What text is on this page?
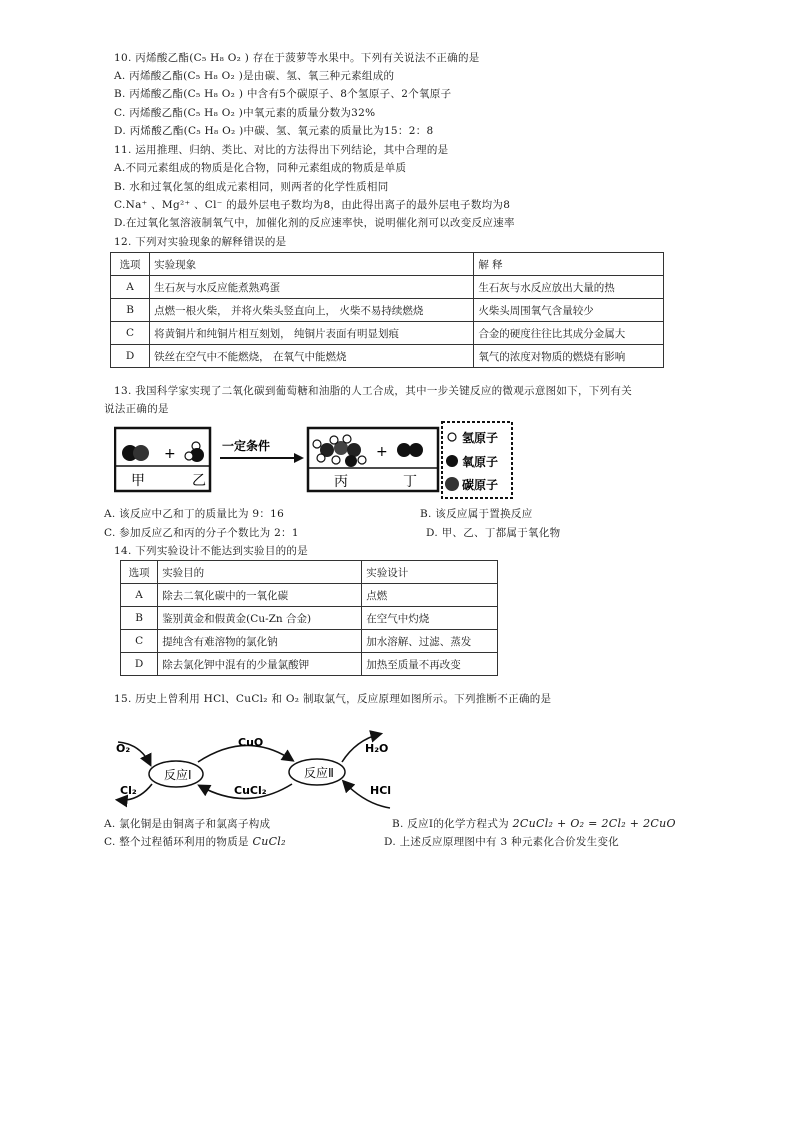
10. 丙烯酸乙酯(C₅ H₈ O₂ ) 存在于菠萝等水果中。下列有关说法不正确的是
A. 丙烯酸乙酯(C₅ H₈ O₂ )是由碳、氢、氧三种元素组成的
B. 丙烯酸乙酯(C₅ H₈ O₂ ) 中含有5个碳原子、8个氢原子、2个氧原子
C. 丙烯酸乙酯(C₅ H₈ O₂ )中氧元素的质量分数为32%
D. 丙烯酸乙酯(C₅ H₈ O₂ )中碳、氢、氧元素的质量比为15：2：8
11. 运用推理、归纳、类比、对比的方法得出下列结论，其中合理的是
A.不同元素组成的物质是化合物，同种元素组成的物质是单质
B. 水和过氧化氢的组成元素相同，则两者的化学性质相同
C.Na⁺ 、Mg²⁺ 、Cl⁻ 的最外层电子数均为8，由此得出离子的最外层电子数均为8
D.在过氧化氢溶液制氧气中，加催化剂的反应速率快，说明催化剂可以改变反应速率
12. 下列对实验现象的解释错误的是
选项	实验现象	解 释
A	生石灰与水反应能煮熟鸡蛋	生石灰与水反应放出大量的热
B	点燃一根火柴， 并将火柴头竖直向上， 火柴不易持续燃烧	火柴头周围氧气含量较少
C	将黄铜片和纯铜片相互刻划， 纯铜片表面有明显划痕	合金的硬度往往比其成分金属大
D	铁丝在空气中不能燃烧， 在氧气中能燃烧	氧气的浓度对物质的燃烧有影响
13. 我国科学家实现了二氧化碳到葡萄糖和油脂的人工合成，其中一步关键反应的微观示意图如下，下列有关
说法正确的是
+
甲	乙
一定条件	+
丙	丁
氢原子
氧原子
碳原子
A. 该反应中乙和丁的质量比为 9：16	B. 该反应属于置换反应
C. 参加反应乙和丙的分子个数比为 2：1	D. 甲、乙、丁都属于氧化物
14. 下列实验设计不能达到实验目的的是
选项	实验目的	实验设计
A	除去二氧化碳中的一氧化碳	点燃
B	鉴别黄金和假黄金(Cu-Zn 合金)	在空气中灼烧
C	提纯含有难溶物的氯化钠	加水溶解、过滤、蒸发
D	除去氯化钾中混有的少量氯酸钾	加热至质量不再改变
15. 历史上曾利用 HCl、CuCl₂ 和 O₂ 制取氯气，反应原理如图所示。下列推断不正确的是
反应Ⅰ	反应Ⅱ
CuO
CuCl₂
O₂
Cl₂
H₂O
HCl
A. 氯化铜是由铜离子和氯离子构成	B. 反应Ⅰ的化学方程式为 2CuCl₂ + O₂ = 2Cl₂ + 2CuO
C. 整个过程循环利用的物质是 CuCl₂	D. 上述反应原理图中有 3 种元素化合价发生变化
